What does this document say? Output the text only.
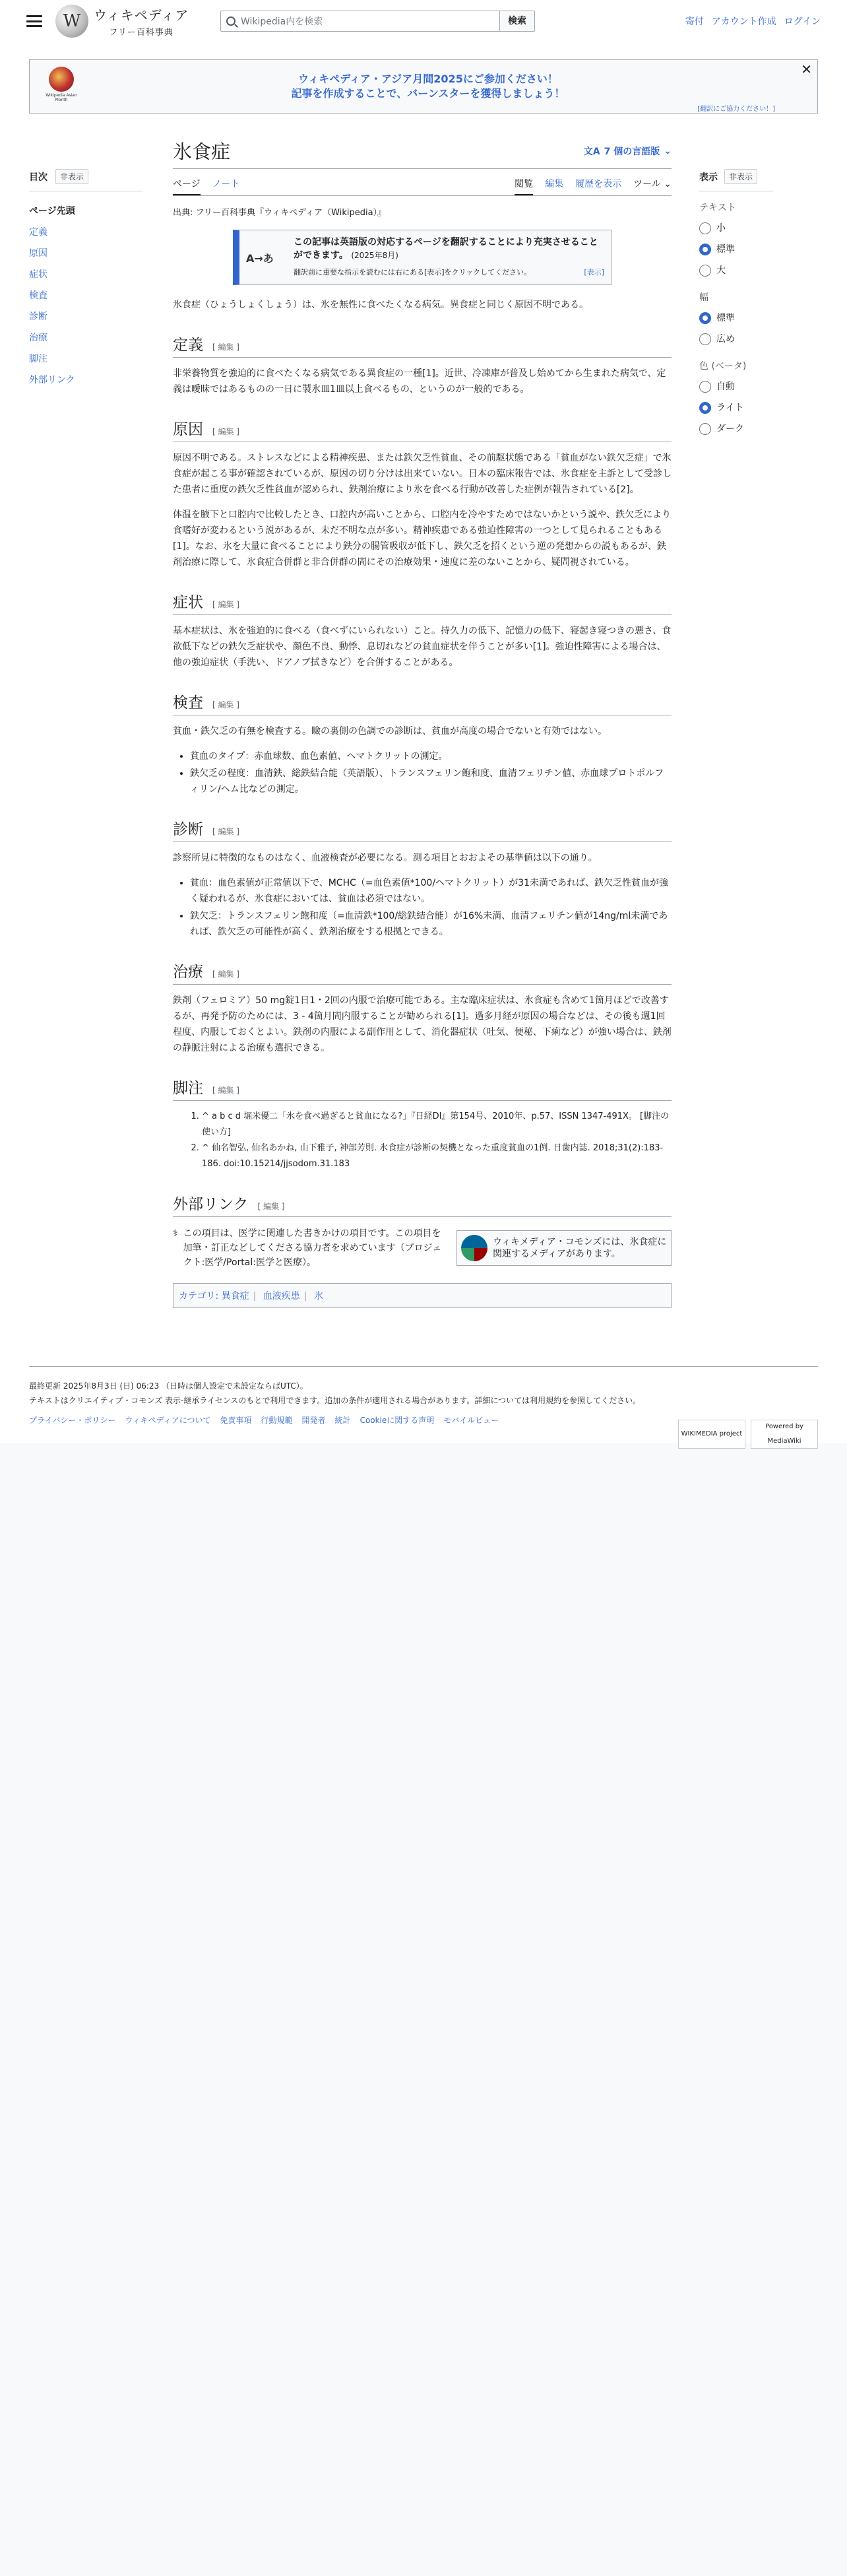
W ウィキペディア
フリー百科事典
Wikipedia内を検索	検索	寄付 アカウント作成 ログイン
Wikipedia Asian Month
ウィキペディア・アジア月間2025にご参加ください！
記事を作成することで、バーンスターを獲得しましょう！
✕
[翻訳にご協力ください！]
目次	非表示
ページ先頭
定義
原因
症状
検査
診断
治療
脚注
外部リンク
氷食症	文A 7 個の言語版 ⌄
ページ ノート	閲覧 編集 履歴を表示 ツール ⌄
出典: フリー百科事典『ウィキペディア（Wikipedia）』
A→あ
この記事は英語版の対応するページを翻訳することにより充実させることができます。 (2025年8月)
翻訳前に重要な指示を読むには右にある[表示]をクリックしてください。	[表示]

氷食症（ひょうしょくしょう）は、氷を無性に食べたくなる病気。異食症と同じく原因不明である。

定義 [ 編集 ]

非栄養物質を強迫的に食べたくなる病気である異食症の一種[1]。近世、冷凍庫が普及し始めてから生まれた病気で、定義は曖昧ではあるものの一日に製氷皿1皿以上食べるもの、というのが一般的である。

原因 [ 編集 ]

原因不明である。ストレスなどによる精神疾患、または鉄欠乏性貧血、その前駆状態である「貧血がない鉄欠乏症」で氷食症が起こる事が確認されているが、原因の切り分けは出来ていない。日本の臨床報告では、氷食症を主訴として受診した患者に重度の鉄欠乏性貧血が認められ、鉄剤治療により氷を食べる行動が改善した症例が報告されている[2]。

体温を腋下と口腔内で比較したとき、口腔内が高いことから、口腔内を冷やすためではないかという説や、鉄欠乏により食嗜好が変わるという説があるが、未だ不明な点が多い。精神疾患である強迫性障害の一つとして見られることもある[1]。なお、氷を大量に食べることにより鉄分の腸管吸収が低下し、鉄欠乏を招くという逆の発想からの説もあるが、鉄剤治療に際して、氷食症合併群と非合併群の間にその治療効果・速度に差のないことから、疑問視されている。

症状 [ 編集 ]

基本症状は、氷を強迫的に食べる（食べずにいられない）こと。持久力の低下、記憶力の低下、寝起き寝つきの悪さ、食欲低下などの鉄欠乏症状や、顔色不良、動悸、息切れなどの貧血症状を伴うことが多い[1]。強迫性障害による場合は、他の強迫症状（手洗い、ドアノブ拭きなど）を合併することがある。

検査 [ 編集 ]

貧血・鉄欠乏の有無を検査する。瞼の裏側の色調での診断は、貧血が高度の場合でないと有効ではない。

• 貧血のタイプ：赤血球数、血色素値、ヘマトクリットの測定。
• 鉄欠乏の程度：血清鉄、総鉄結合能（英語版）、トランスフェリン飽和度、血清フェリチン値、赤血球プロトポルフィリン/ヘム比などの測定。
診断 [ 編集 ]

診察所見に特徴的なものはなく、血液検査が必要になる。測る項目とおおよその基準値は以下の通り。

• 貧血：血色素値が正常値以下で、MCHC（=血色素値*100/ヘマトクリット）が31未満であれば、鉄欠乏性貧血が強く疑われるが、氷食症においては、貧血は必須ではない。
• 鉄欠乏：トランスフェリン飽和度（=血清鉄*100/総鉄結合能）が16%未満、血清フェリチン値が14ng/ml未満であれば、鉄欠乏の可能性が高く、鉄剤治療をする根拠とできる。
治療 [ 編集 ]

鉄剤（フェロミア）50 mg錠1日1・2回の内服で治療可能である。主な臨床症状は、氷食症も含めて1箇月ほどで改善するが、再発予防のためには、3 - 4箇月間内服することが勧められる[1]。過多月経が原因の場合などは、その後も週1回程度、内服しておくとよい。鉄剤の内服による副作用として、消化器症状（吐気、便秘、下痢など）が強い場合は、鉄剤の静脈注射による治療も選択できる。

脚注 [ 編集 ]
1. ^ a b c d 堀米優二「氷を食べ過ぎると貧血になる?」『日経DI』第154号、2010年、p.57、ISSN 1347-491X。 [脚注の使い方]
2. ^ 仙名智弘, 仙名あかね, 山下雅子, 神部芳則. 氷食症が診断の契機となった重度貧血の1例. 日歯内誌. 2018;31(2):183-186. doi:10.15214/jjsodom.31.183
外部リンク [ 編集 ]
⚕ この項目は、医学に関連した書きかけの項目です。この項目を加筆・訂正などしてくださる協力者を求めています（プロジェクト:医学/Portal:医学と医療）。
ウィキメディア・コモンズには、氷食症に関連するメディアがあります。
カテゴリ: 異食症 | 血液疾患 | 氷
表示	非表示
テキスト
小
標準
大
幅
標準
広め
色 (ベータ)
自動
ライト
ダーク
最終更新 2025年8月3日 (日) 06:23 （日時は個人設定で未設定ならばUTC）。
テキストはクリエイティブ・コモンズ 表示-継承ライセンスのもとで利用できます。追加の条件が適用される場合があります。詳細については利用規約を参照してください。
プライバシー・ポリシー ウィキペディアについて 免責事項 行動規範 開発者 統計 Cookieに関する声明 モバイルビュー
WIKIMEDIA project
Powered by MediaWiki
